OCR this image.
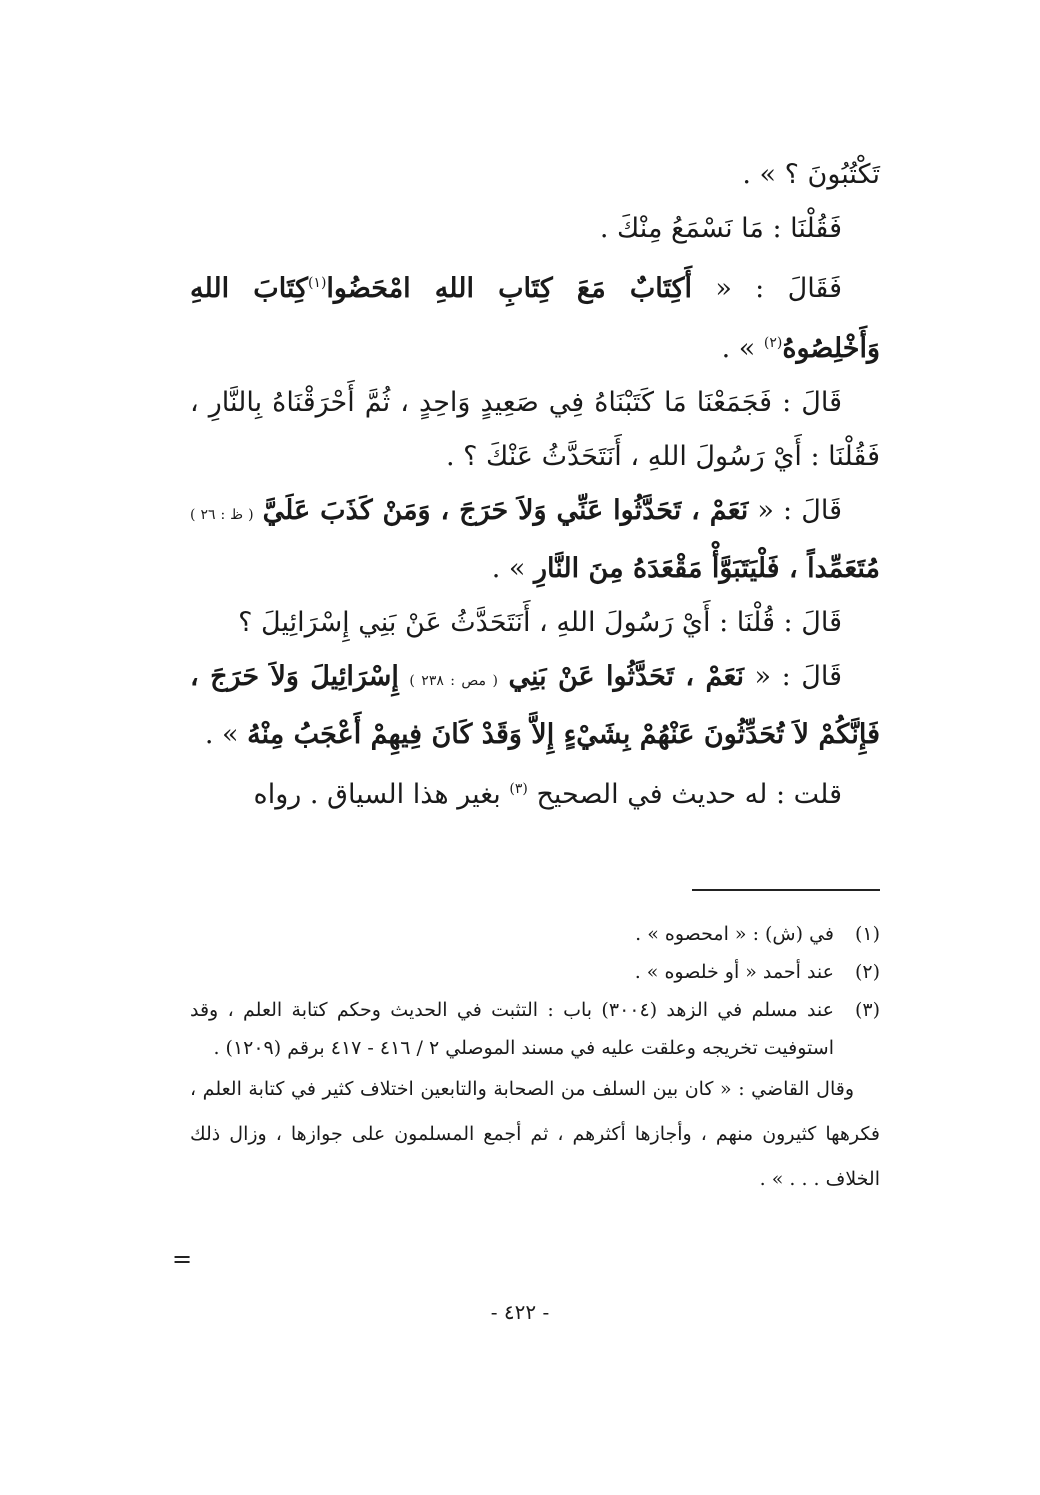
تَكْتُبُونَ ؟ » .

فَقُلْنَا : مَا نَسْمَعُ مِنْكَ .

فَقَالَ : « أَكِتَابٌ مَعَ كِتَابِ اللهِ امْحَضُوا$^{(١)}$كِتَابَ اللهِ وَأَخْلِصُوهُ$^{(٢)}$ » .

قَالَ : فَجَمَعْنَا مَا كَتَبْنَاهُ فِي صَعِيدٍ وَاحِدٍ ، ثُمَّ أَحْرَقْنَاهُ بِالنَّارِ ، فَقُلْنَا : أَيْ رَسُولَ اللهِ ، أَنَتَحَدَّثُ عَنْكَ ؟ .

قَالَ : « نَعَمْ ، تَحَدَّثُوا عَنِّي وَلاَ حَرَجَ ، وَمَنْ كَذَبَ عَلَيَّ ( ظ : ٢٦ ) مُتَعَمِّداً ، فَلْيَتَبَوَّأْ مَقْعَدَهُ مِنَ النَّارِ » .

قَالَ : قُلْنَا : أَيْ رَسُولَ اللهِ ، أَنَتَحَدَّثُ عَنْ بَنِي إِسْرَائِيلَ ؟

قَالَ : « نَعَمْ ، تَحَدَّثُوا عَنْ بَنِي ( مص : ٢٣٨ ) إِسْرَائِيلَ وَلاَ حَرَجَ ، فَإِنَّكُمْ لاَ تُحَدِّثُونَ عَنْهُمْ بِشَيْءٍ إِلاَّ وَقَدْ كَانَ فِيهِمْ أَعْجَبُ مِنْهُ » .

قلت : له حديث في الصحيح $^{(٣)}$ بغير هذا السياق . رواه

(١)
في (ش) : « امحصوه » .

(٢)
عند أحمد « أو خلصوه » .

(٣)
عند مسلم في الزهد (٣٠٠٤) باب : التثبت في الحديث وحكم كتابة العلم ، وقد استوفيت تخريجه وعلقت عليه في مسند الموصلي ٢ / ٤١٦ - ٤١٧ برقم (١٢٠٩) .

وقال القاضي : « كان بين السلف من الصحابة والتابعين اختلاف كثير في كتابة العلم ، فكرهها كثيرون منهم ، وأجازها أكثرهم ، ثم أجمع المسلمون على جوازها ، وزال ذلك الخلاف . . . » .

=
- ٤٢٢ -
